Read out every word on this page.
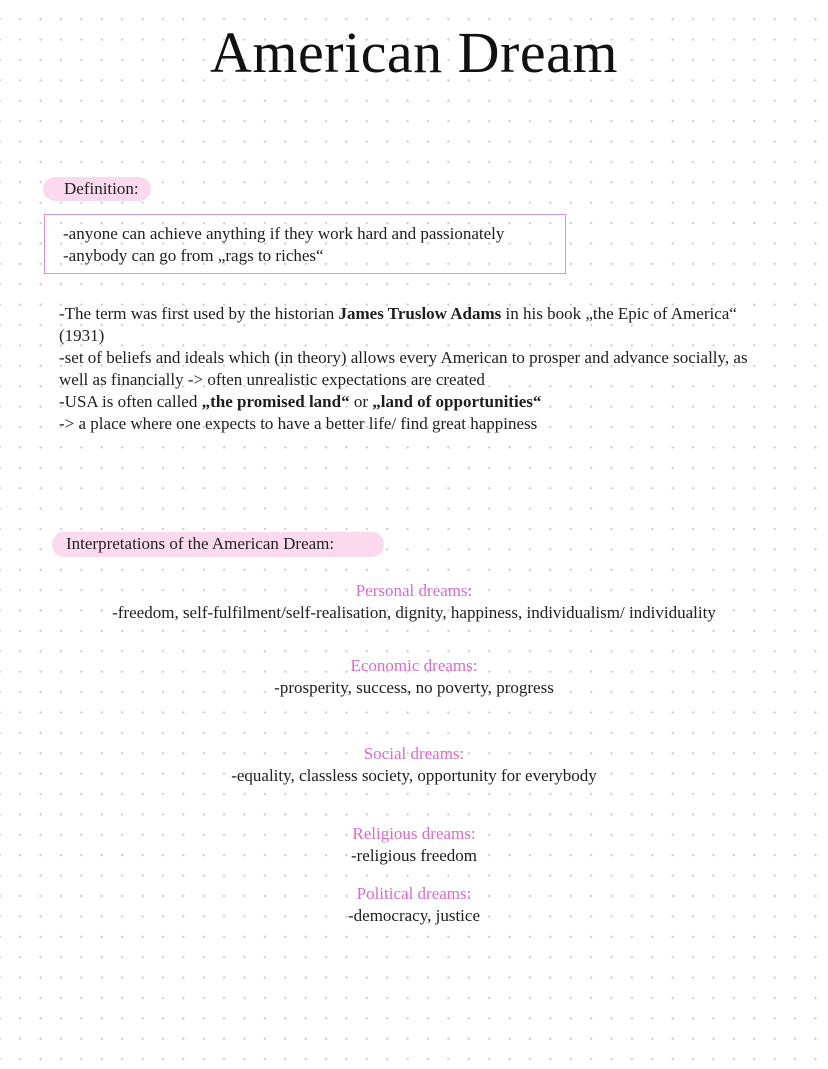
American Dream
Definition:

-anyone can achieve anything if they work hard and passionately

-anybody can go from „rags to riches“

-The term was first used by the historian James Truslow Adams in his book „the Epic of America“ (1931)

-set of beliefs and ideals which (in theory) allows every American to prosper and advance socially, as well as financially -> often unrealistic expectations are created

-USA is often called „the promised land“ or „land of opportunities“

-> a place where one expects to have a better life/ find great happiness

Interpretations of the American Dream:
Personal dreams:
-freedom, self-fulfilment/self-realisation, dignity, happiness, individualism/ individuality
Economic dreams:
-prosperity, success, no poverty, progress
Social dreams:
-equality, classless society, opportunity for everybody
Religious dreams:
-religious freedom
Political dreams:
-democracy, justice
